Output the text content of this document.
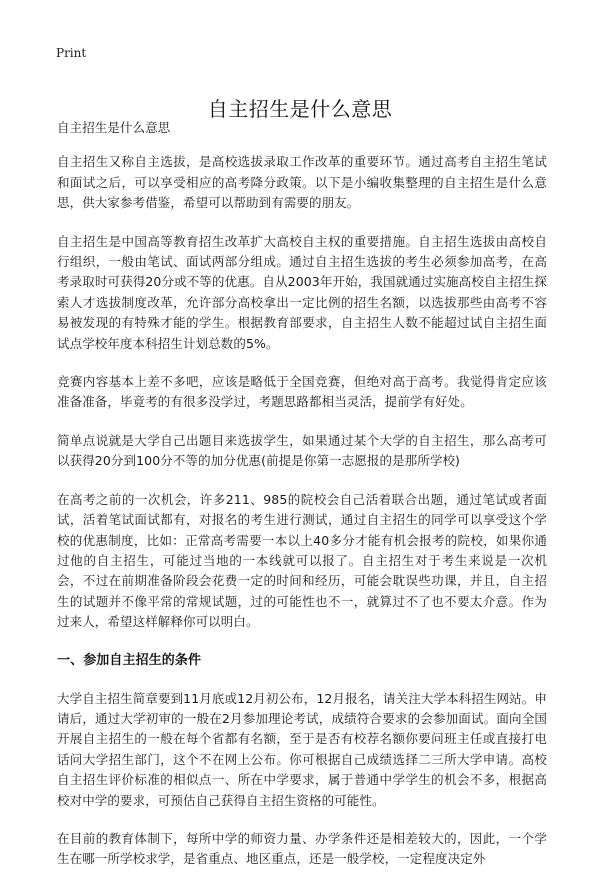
Print
自主招生是什么意思

自主招生是什么意思

自主招生又称自主选拔，是高校选拔录取工作改革的重要环节。通过高考自主招生笔试和面试之后，可以享受相应的高考降分政策。以下是小编收集整理的自主招生是什么意思，供大家参考借鉴，希望可以帮助到有需要的朋友。

自主招生是中国高等教育招生改革扩大高校自主权的重要措施。自主招生选拔由高校自行组织，一般由笔试、面试两部分组成。通过自主招生选拔的考生必须参加高考，在高考录取时可获得20分或不等的优惠。自从2003年开始，我国就通过实施高校自主招生探索人才选拔制度改革，允许部分高校拿出一定比例的招生名额，以选拔那些由高考不容易被发现的有特殊才能的学生。根据教育部要求，自主招生人数不能超过试自主招生面试点学校年度本科招生计划总数的5%。

竞赛内容基本上差不多吧，应该是略低于全国竞赛，但绝对高于高考。我觉得肯定应该准备准备，毕竟考的有很多没学过，考题思路都相当灵活，提前学有好处。

简单点说就是大学自己出题目来选拔学生，如果通过某个大学的自主招生，那么高考可以获得20分到100分不等的加分优惠(前提是你第一志愿报的是那所学校)

在高考之前的一次机会，许多211、985的院校会自己活着联合出题，通过笔试或者面试，活着笔试面试都有，对报名的考生进行测试，通过自主招生的同学可以享受这个学校的优惠制度，比如：正常高考需要一本以上40多分才能有机会报考的院校，如果你通过他的自主招生，可能过当地的一本线就可以报了。自主招生对于考生来说是一次机会，不过在前期准备阶段会花费一定的时间和经历，可能会耽误些功课，并且，自主招生的试题并不像平常的常规试题，过的可能性也不一，就算过不了也不要太介意。作为过来人，希望这样解释你可以明白。

一、参加自主招生的条件

大学自主招生简章要到11月底或12月初公布，12月报名，请关注大学本科招生网站。申请后，通过大学初审的一般在2月参加理论考试，成绩符合要求的会参加面试。面向全国开展自主招生的一般在每个省都有名额，至于是否有校荐名额你要问班主任或直接打电话问大学招生部门，这个不在网上公布。你可根据自己成绩选择二三所大学申请。高校自主招生评价标准的相似点一、所在中学要求，属于普通中学学生的机会不多，根据高校对中学的要求，可预估自己获得自主招生资格的可能性。

在目前的教育体制下，每所中学的师资力量、办学条件还是相差较大的，因此，一个学生在哪一所学校求学，是省重点、地区重点，还是一般学校，一定程度决定外
